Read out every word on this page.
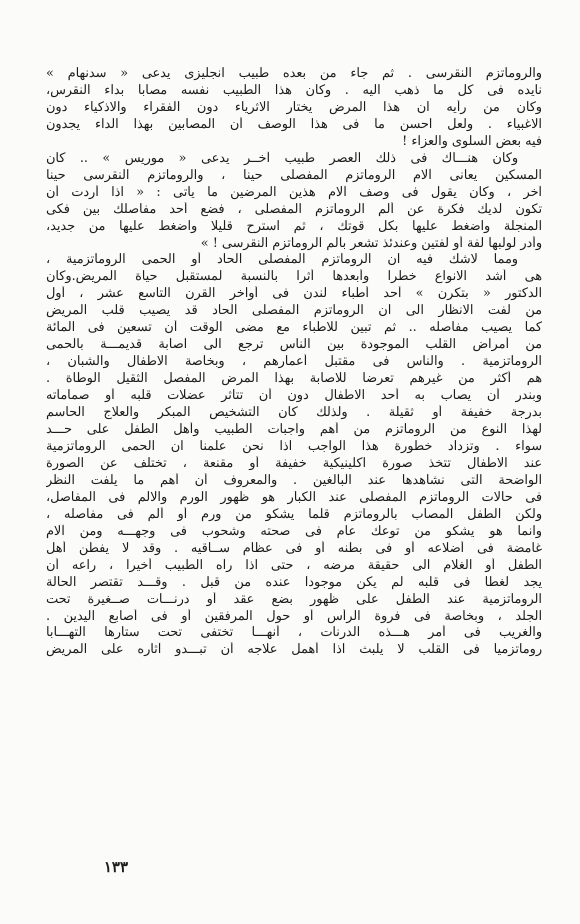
والروماتزم النقرسى . ثم جاء من بعده طبيب انجليزى يدعى « سدنهام »
نأيده فى كل ما ذهب اليه . وكان هذا الطبيب نفسه مصابا بداء النقرس،
وكان من رأيه ان هذا المرض يختار الاثرياء دون الفقراء والاذكياء دون
الاغبياء . ولعل احسن ما فى هذا الوصف أن المصابين بهذا الداء يجدون
فيه بعض السلوى والعزاء !
وكان هنـــاك فى ذلك العصر طبيب آخــر يدعى « موريس » .. كان
المسكين يعانى آلام الروماتزم المفصلى حينا ، والروماتزم النقرسى حينا
آخر ، وكان يقول فى وصف آلام هذين المرضين ما يأتى : « اذا أردت أن
تكون لديك فكرة عن ألم الروماتزم المفصلى ، فضع أحد مفاصلك بين فكى
المنجلة واضغط عليها بكل قوتك ، ثم استرح قليلا واضغط عليها من جديد،
وأدر لولبها لفة أو لفتين وعندئذ تشعر بألم الروماتزم النقرسى ! »
ومما لاشك فيه ان الروماتزم المفصلى الحاد أو الحمى الروماتزمية ،
هى أشد الانواع خطرا وأبعدها أثرا بالنسبة لمستقبل حياة المريض.وكان
الدكتور « بتكرن » أحد أطباء لندن فى أواخر القرن التاسع عشر ، أول
من لفت الانظار الى ان الروماتزم المفصلى الحاد قد يصيب قلب المريض
كما يصيب مفاصله .. ثم تبين للاطباء مع مضى الوقت أن تسعين فى المائة
من أمراض القلب الموجودة بين الناس ترجع الى اصابة قديمـــة بالحمى
الروماتزمية . والناس فى مقتبل أعمارهم ، وبخاصة الاطفال والشبان ،
هم أكثر من غيرهم تعرضا للاصابة بهذا المرض المفصل الثقيل الوطأة .
وبندر أن يصاب به أحد الاطفال دون أن تتأثر عضلات قلبه أو صماماته
بدرجة خفيفة أو ثقيلة . ولذلك كان التشخيص المبكر والعلاج الحاسم
لهذا النوع من الروماتزم من أهم واجبات الطبيب وأهل الطفل على حـــد
سواء . وتزداد خطورة هذا الواجب اذا نحن علمنا ان الحمى الروماتزمية
عند الاطفال تتخذ صورة اكلينيكية خفيفة أو مقنعة ، تختلف عن الصورة
الواضحة التى نشاهدها عند البالغين . والمعروف أن أهم ما يلفت النظر
فى حالات الروماتزم المفصلى عند الكبار هو ظهور الورم والالم فى المفاصل،
ولكن الطفل المصاب بالروماتزم قلما يشكو من ورم أو ألم فى مفاصله ،
وانما هو يشكو من توعك عام فى صحته وشحوب فى وجهـــه ومن آلام
غامضة فى أضلاعه أو فى بطنه أو فى عظام ســاقيه . وقد لا يفطن أهل
الطفل أو الغلام الى حقيقة مرضه ، حتى اذا رآه الطبيب أخيرا ، راعه أن
يجد لغطا فى قلبه لم يكن موجودا عنده من قبل . وقـــد تقتصر الحالة
الروماتزمية عند الطفل على ظهور بضع عقد أو درنـــات صــغيرة تحت
الجلد ، وبخاصة فى فروة الرأس أو حول المرفقين أو فى أصابع اليدين .
والغريب فى أمر هـــذه الدرنات ، أنهـــا تختفى تحت ستارها التهـــابا
روماتزميا فى القلب لا يلبث اذا أهمل علاجه أن تبـــدو آثاره على المريض
١٣٣
